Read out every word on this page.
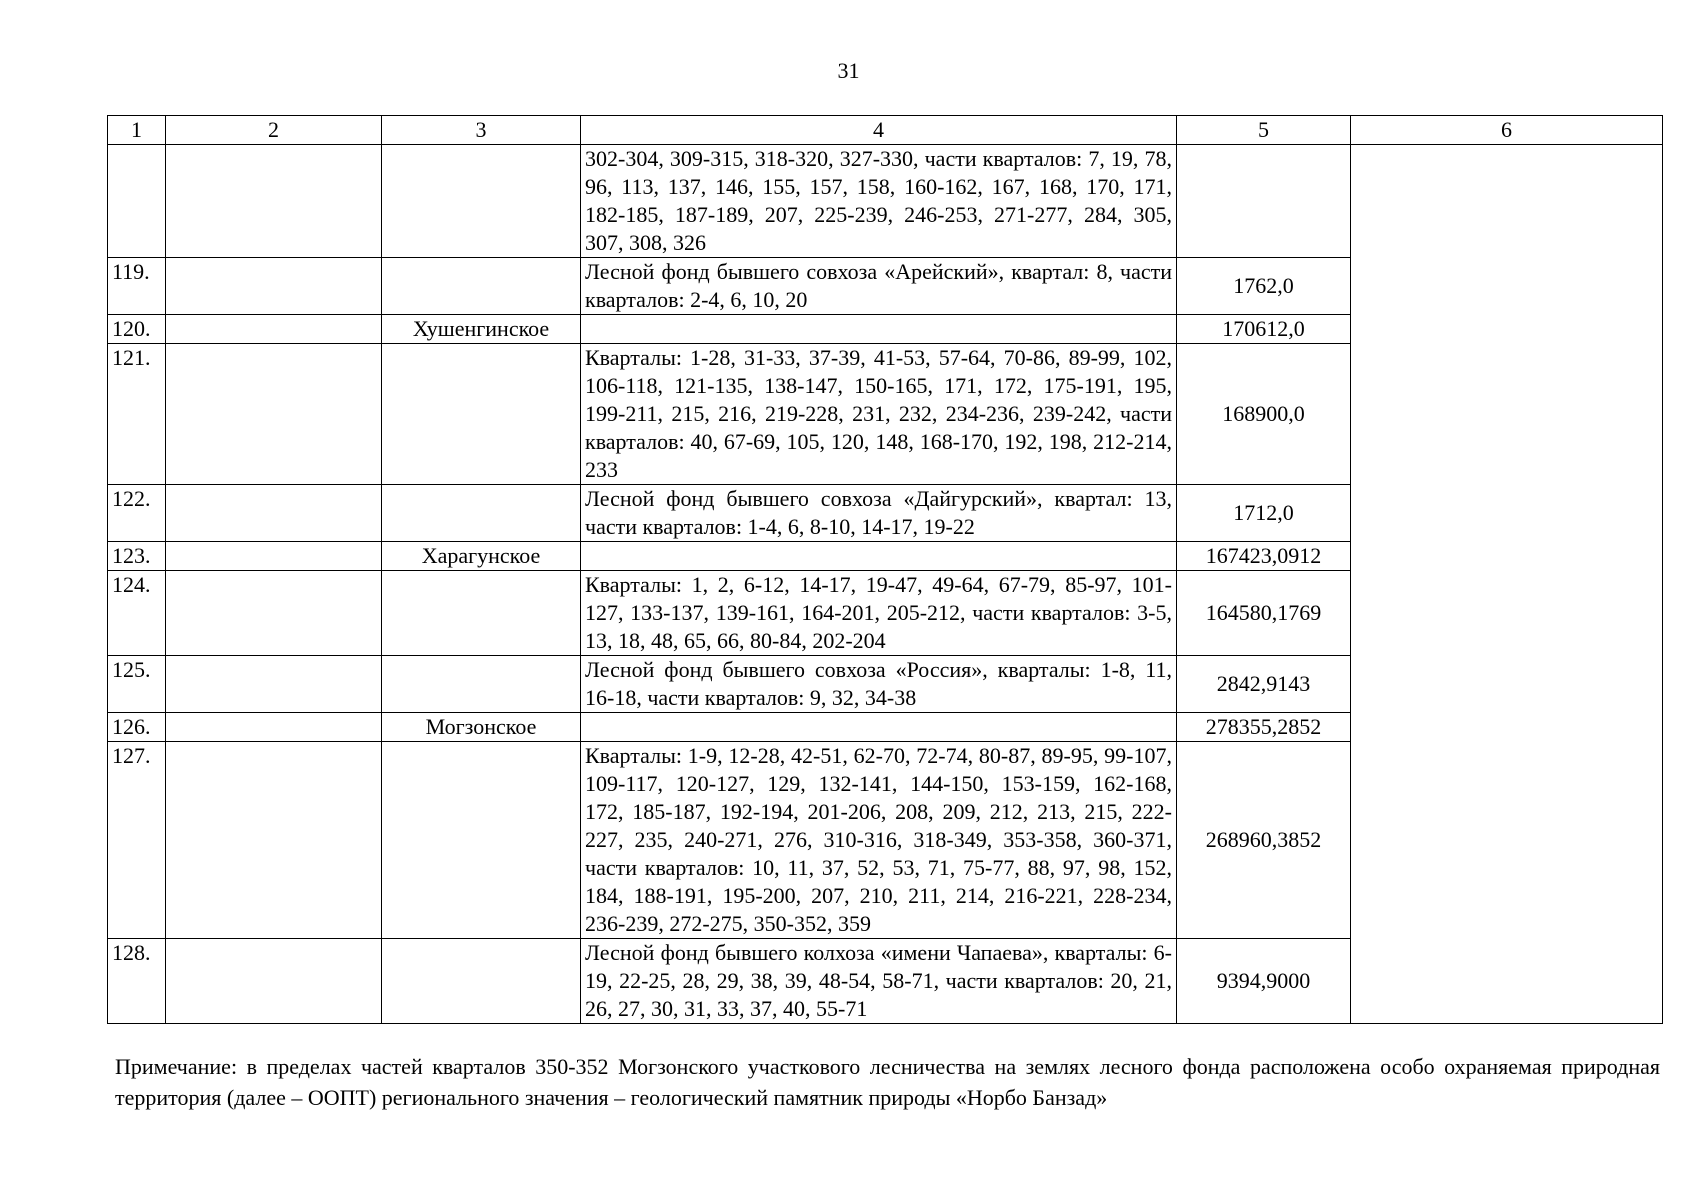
31
1	2	3	4	5	6
			302-304, 309-315, 318-320, 327-330, части кварталов: 7, 19, 78, 96, 113, 137, 146, 155, 157, 158, 160-162, 167, 168, 170, 171, 182-185, 187-189, 207, 225-239, 246-253, 271-277, 284, 305, 307, 308, 326		
119.			Лесной фонд бывшего совхоза «Арейский», квартал: 8, части кварталов: 2-4, 6, 10, 20	1762,0	
120.		Хушенгинское		170612,0	
121.			Кварталы: 1-28, 31-33, 37-39, 41-53, 57-64, 70-86, 89-99, 102, 106-118, 121-135, 138-147, 150-165, 171, 172, 175-191, 195, 199-211, 215, 216, 219-228, 231, 232, 234-236, 239-242, части кварталов: 40, 67-69, 105, 120, 148, 168-170, 192, 198, 212-214, 233	168900,0	
122.			Лесной фонд бывшего совхоза «Дайгурский», квартал: 13, части кварталов: 1-4, 6, 8-10, 14-17, 19-22	1712,0	
123.		Харагунское		167423,0912	
124.			Кварталы: 1, 2, 6-12, 14-17, 19-47, 49-64, 67-79, 85-97, 101-127, 133-137, 139-161, 164-201, 205-212, части кварталов: 3-5, 13, 18, 48, 65, 66, 80-84, 202-204	164580,1769	
125.			Лесной фонд бывшего совхоза «Россия», кварталы: 1-8, 11, 16-18, части кварталов: 9, 32, 34-38	2842,9143	
126.		Могзонское		278355,2852	
127.			Кварталы: 1-9, 12-28, 42-51, 62-70, 72-74, 80-87, 89-95, 99-107, 109-117, 120-127, 129, 132-141, 144-150, 153-159, 162-168, 172, 185-187, 192-194, 201-206, 208, 209, 212, 213, 215, 222-227, 235, 240-271, 276, 310-316, 318-349, 353-358, 360-371, части кварталов: 10, 11, 37, 52, 53, 71, 75-77, 88, 97, 98, 152, 184, 188-191, 195-200, 207, 210, 211, 214, 216-221, 228-234, 236-239, 272-275, 350-352, 359	268960,3852	
128.			Лесной фонд бывшего колхоза «имени Чапаева», кварталы: 6-19, 22-25, 28, 29, 38, 39, 48-54, 58-71, части кварталов: 20, 21, 26, 27, 30, 31, 33, 37, 40, 55-71	9394,9000	
Примечание: в пределах частей кварталов 350-352 Могзонского участкового лесничества на землях лесного фонда расположена особо охраняемая природная территория (далее – ООПТ) регионального значения – геологический памятник природы «Норбо Банзад»
